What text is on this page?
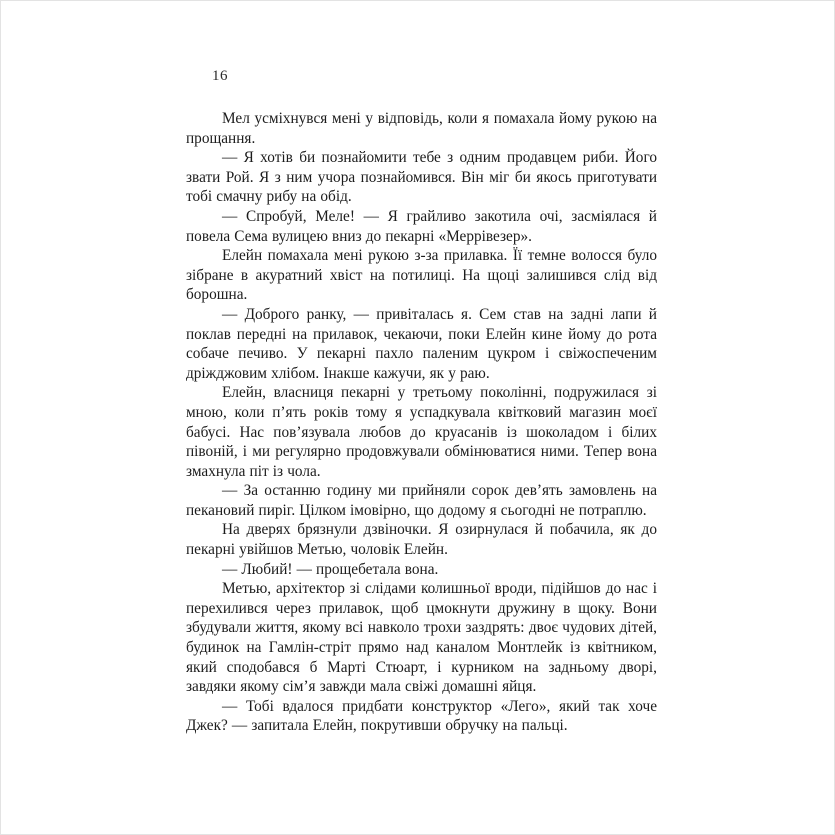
16

Мел усміхнувся мені у відповідь, коли я помахала йому рукою на прощання.

— Я хотів би познайомити тебе з одним продавцем риби. Його звати Рой. Я з ним учора познайомився. Він міг би якось приготувати тобі смачну рибу на обід.

— Спробуй, Меле! — Я грайливо закотила очі, засміялася й повела Сема вулицею вниз до пекарні «Меррівезер».

Елейн помахала мені рукою з-за прилавка. Її темне волосся було зібране в акуратний хвіст на потилиці. На щоці залишився слід від борошна.

— Доброго ранку, — привіталась я. Сем став на задні лапи й поклав передні на прилавок, чекаючи, поки Елейн кине йому до рота собаче печиво. У пекарні пахло паленим цукром і свіжоспеченим дріжджовим хлібом. Інакше кажучи, як у раю.

Елейн, власниця пекарні у третьому поколінні, подружилася зі мною, коли п’ять років тому я успадкувала квітковий магазин моєї бабусі. Нас пов’язувала любов до круасанів із шоколадом і білих півоній, і ми регулярно продовжували обмінюватися ними. Тепер вона змахнула піт із чола.

— За останню годину ми прийняли сорок дев’ять замовлень на пекановий пиріг. Цілком імовірно, що додому я сьогодні не потраплю.

На дверях брязнули дзвіночки. Я озирнулася й побачила, як до пекарні увійшов Метью, чоловік Елейн.

— Любий! — прощебетала вона.

Метью, архітектор зі слідами колишньої вроди, підійшов до нас і перехилився через прилавок, щоб цмокнути дружину в щоку. Вони збудували життя, якому всі навколо трохи заздрять: двоє чудових дітей, будинок на Гамлін-стріт прямо над каналом Монтлейк із квітником, який сподобався б Марті Стюарт, і курником на задньому дворі, завдяки якому сім’я завжди мала свіжі домашні яйця.

— Тобі вдалося придбати конструктор «Лего», який так хоче Джек? — запитала Елейн, покрутивши обручку на пальці.
